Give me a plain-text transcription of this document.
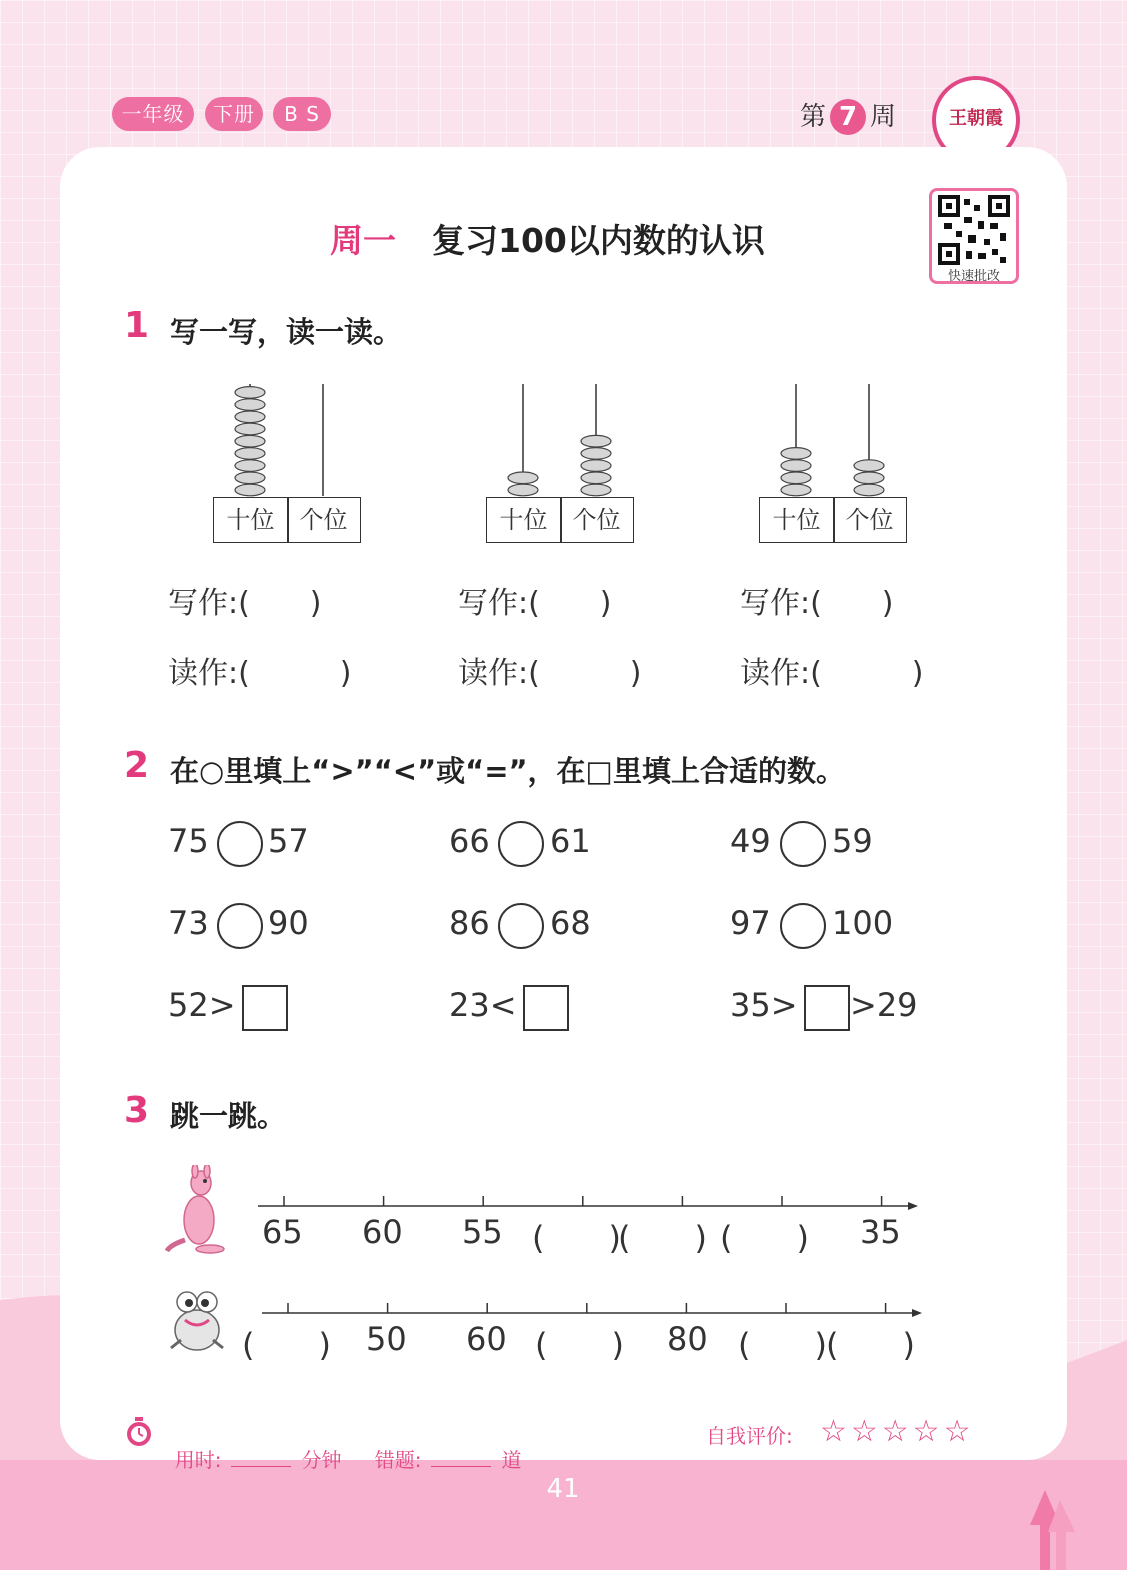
一年级	下册	B S	第 7 周	王朝霞
周一 复习100以内数的认识
快速批改
1 写一写，读一读。
十位	个位	十位	个位	十位	个位
写作:(　　)	写作:(　　)	写作:(　　)
读作:(　　　)	读作:(　　　)	读作:(　　　)
2 在○里填上“>”“<”或“=”，在□里填上合适的数。
75 57	66 61	49 59
73 90	86 68	97 100
52>	23<	35> >29
3 跳一跳。
65 60 55 (　　)
(　　) (　　) 35
(　　) 50 60 (　　) 80 (　　) (　　)

用时:	分钟	错题:	道

自我评价: ☆☆☆☆☆
41
